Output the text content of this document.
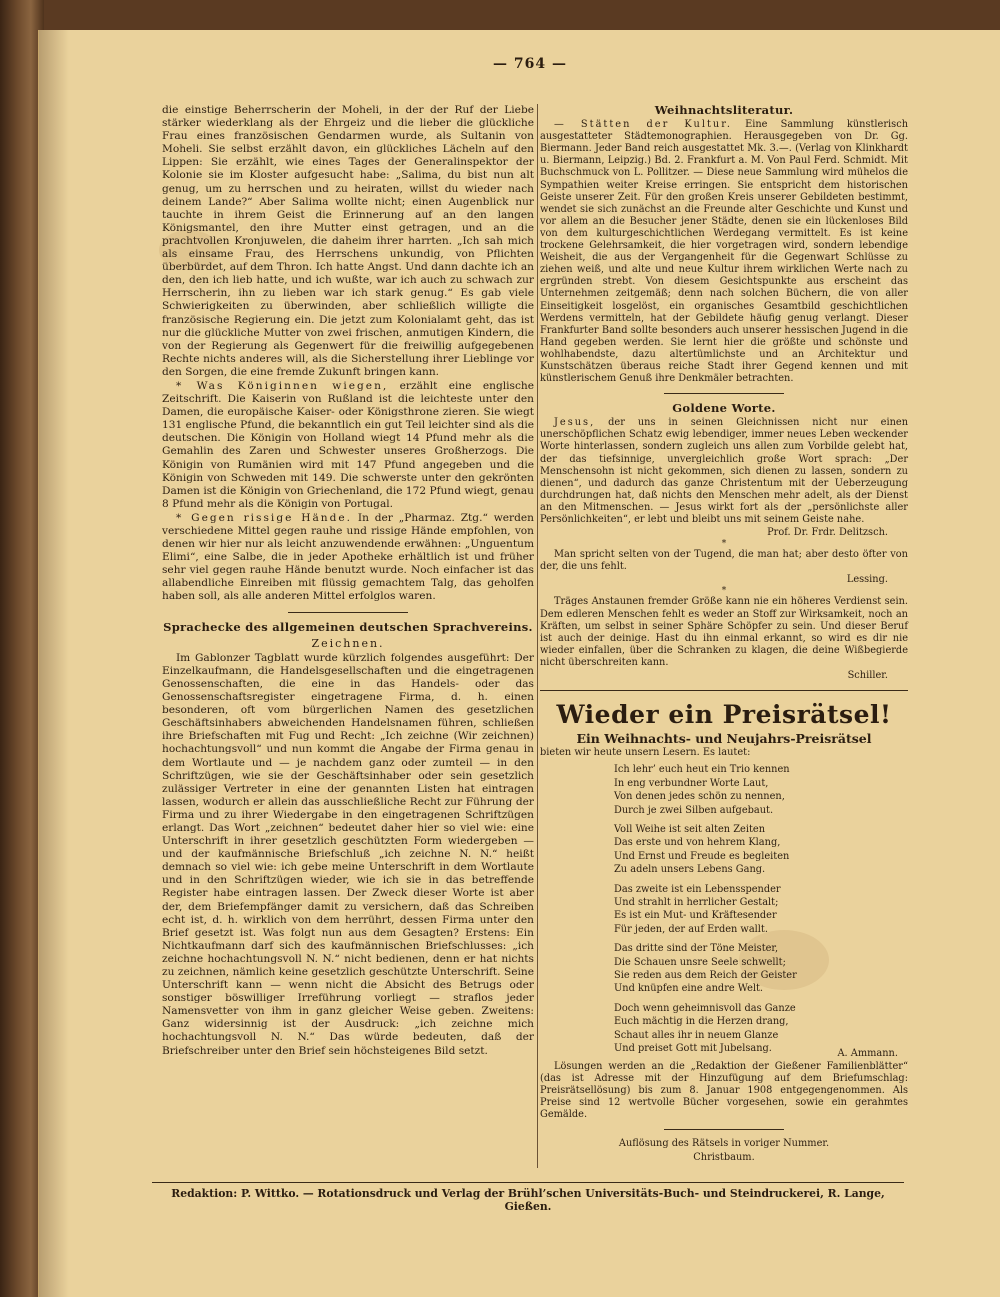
— 764 —

die einstige Beherrscherin der Moheli, in der der Ruf der Liebe stärker wiederklang als der Ehrgeiz und die lieber die glückliche Frau eines französischen Gendarmen wurde, als Sultanin von Moheli. Sie selbst erzählt davon, ein glückliches Lächeln auf den Lippen: Sie erzählt, wie eines Tages der Generalinspektor der Kolonie sie im Kloster aufgesucht habe: „Salima, du bist nun alt genug, um zu herrschen und zu heiraten, willst du wieder nach deinem Lande?“ Aber Salima wollte nicht; einen Augenblick nur tauchte in ihrem Geist die Erinnerung auf an den langen Königsmantel, den ihre Mutter einst getragen, und an die prachtvollen Kronjuwelen, die daheim ihrer harrten. „Ich sah mich als einsame Frau, des Herrschens unkundig, von Pflichten überbürdet, auf dem Thron. Ich hatte Angst. Und dann dachte ich an den, den ich lieb hatte, und ich wußte, war ich auch zu schwach zur Herrscherin, ihn zu lieben war ich stark genug.“ Es gab viele Schwierigkeiten zu überwinden, aber schließlich willigte die französische Regierung ein. Die jetzt zum Kolonialamt geht, das ist nur die glückliche Mutter von zwei frischen, anmutigen Kindern, die von der Regierung als Gegenwert für die freiwillig aufgegebenen Rechte nichts anderes will, als die Sicherstellung ihrer Lieblinge vor den Sorgen, die eine fremde Zukunft bringen kann.

* Was Königinnen wiegen, erzählt eine englische Zeitschrift. Die Kaiserin von Rußland ist die leichteste unter den Damen, die europäische Kaiser- oder Königsthrone zieren. Sie wiegt 131 englische Pfund, die bekanntlich ein gut Teil leichter sind als die deutschen. Die Königin von Holland wiegt 14 Pfund mehr als die Gemahlin des Zaren und Schwester unseres Großherzogs. Die Königin von Rumänien wird mit 147 Pfund angegeben und die Königin von Schweden mit 149. Die schwerste unter den gekrönten Damen ist die Königin von Griechenland, die 172 Pfund wiegt, genau 8 Pfund mehr als die Königin von Portugal.

* Gegen rissige Hände. In der „Pharmaz. Ztg.“ werden verschiedene Mittel gegen rauhe und rissige Hände empfohlen, von denen wir hier nur als leicht anzuwendende erwähnen: „Unguentum Elimi“, eine Salbe, die in jeder Apotheke erhältlich ist und früher sehr viel gegen rauhe Hände benutzt wurde. Noch einfacher ist das allabendliche Einreiben mit flüssig gemachtem Talg, das geholfen haben soll, als alle anderen Mittel erfolglos waren.

Sprachecke des allgemeinen deutschen Sprachvereins.
Zeichnen.

Im Gablonzer Tagblatt wurde kürzlich folgendes ausgeführt: Der Einzelkaufmann, die Handelsgesellschaften und die eingetragenen Genossenschaften, die eine in das Handels- oder das Genossenschaftsregister eingetragene Firma, d. h. einen besonderen, oft vom bürgerlichen Namen des gesetzlichen Geschäftsinhabers abweichenden Handelsnamen führen, schließen ihre Briefschaften mit Fug und Recht: „Ich zeichne (Wir zeichnen) hochachtungsvoll“ und nun kommt die Angabe der Firma genau in dem Wortlaute und — je nachdem ganz oder zumteil — in den Schriftzügen, wie sie der Geschäftsinhaber oder sein gesetzlich zulässiger Vertreter in eine der genannten Listen hat eintragen lassen, wodurch er allein das ausschließliche Recht zur Führung der Firma und zu ihrer Wiedergabe in den eingetragenen Schriftzügen erlangt. Das Wort „zeichnen“ bedeutet daher hier so viel wie: eine Unterschrift in ihrer gesetzlich geschützten Form wiedergeben — und der kaufmännische Briefschluß „ich zeichne N. N.“ heißt demnach so viel wie: ich gebe meine Unterschrift in dem Wortlaute und in den Schriftzügen wieder, wie ich sie in das betreffende Register habe eintragen lassen. Der Zweck dieser Worte ist aber der, dem Briefempfänger damit zu versichern, daß das Schreiben echt ist, d. h. wirklich von dem herrührt, dessen Firma unter den Brief gesetzt ist. Was folgt nun aus dem Gesagten? Erstens: Ein Nichtkaufmann darf sich des kaufmännischen Briefschlusses: „ich zeichne hochachtungsvoll N. N.“ nicht bedienen, denn er hat nichts zu zeichnen, nämlich keine gesetzlich geschützte Unterschrift. Seine Unterschrift kann — wenn nicht die Absicht des Betrugs oder sonstiger böswilliger Irreführung vorliegt — straflos jeder Namensvetter von ihm in ganz gleicher Weise geben. Zweitens: Ganz widersinnig ist der Ausdruck: „ich zeichne mich hochachtungsvoll N. N.“ Das würde bedeuten, daß der Briefschreiber unter den Brief sein höchsteigenes Bild setzt.

Weihnachtsliteratur.

— Stätten der Kultur. Eine Sammlung künstlerisch ausgestatteter Städtemonographien. Herausgegeben von Dr. Gg. Biermann. Jeder Band reich ausgestattet Mk. 3.—. (Verlag von Klinkhardt u. Biermann, Leipzig.) Bd. 2. Frankfurt a. M. Von Paul Ferd. Schmidt. Mit Buchschmuck von L. Pollitzer. — Diese neue Sammlung wird mühelos die Sympathien weiter Kreise erringen. Sie entspricht dem historischen Geiste unserer Zeit. Für den großen Kreis unserer Gebildeten bestimmt, wendet sie sich zunächst an die Freunde alter Geschichte und Kunst und vor allem an die Besucher jener Städte, denen sie ein lückenloses Bild von dem kulturgeschichtlichen Werdegang vermittelt. Es ist keine trockene Gelehrsamkeit, die hier vorgetragen wird, sondern lebendige Weisheit, die aus der Vergangenheit für die Gegenwart Schlüsse zu ziehen weiß, und alte und neue Kultur ihrem wirklichen Werte nach zu ergründen strebt. Von diesem Gesichtspunkte aus erscheint das Unternehmen zeitgemäß; denn nach solchen Büchern, die von aller Einseitigkeit losgelöst, ein organisches Gesamtbild geschichtlichen Werdens vermitteln, hat der Gebildete häufig genug verlangt. Dieser Frankfurter Band sollte besonders auch unserer hessischen Jugend in die Hand gegeben werden. Sie lernt hier die größte und schönste und wohlhabendste, dazu altertümlichste und an Architektur und Kunstschätzen überaus reiche Stadt ihrer Gegend kennen und mit künstlerischem Genuß ihre Denkmäler betrachten.

Goldene Worte.

Jesus, der uns in seinen Gleichnissen nicht nur einen unerschöpflichen Schatz ewig lebendiger, immer neues Leben weckender Worte hinterlassen, sondern zugleich uns allen zum Vorbilde gelebt hat, der das tiefsinnige, unvergleichlich große Wort sprach: „Der Menschensohn ist nicht gekommen, sich dienen zu lassen, sondern zu dienen“, und dadurch das ganze Christentum mit der Ueberzeugung durchdrungen hat, daß nichts den Menschen mehr adelt, als der Dienst an den Mitmenschen. — Jesus wirkt fort als der „persönlichste aller Persönlichkeiten“, er lebt und bleibt uns mit seinem Geiste nahe.

Prof. Dr. Frdr. Delitzsch.
*

Man spricht selten von der Tugend, die man hat; aber desto öfter von der, die uns fehlt.

Lessing.
*

Träges Anstaunen fremder Größe kann nie ein höheres Verdienst sein. Dem edleren Menschen fehlt es weder an Stoff zur Wirksamkeit, noch an Kräften, um selbst in seiner Sphäre Schöpfer zu sein. Und dieser Beruf ist auch der deinige. Hast du ihn einmal erkannt, so wird es dir nie wieder einfallen, über die Schranken zu klagen, die deine Wißbegierde nicht überschreiten kann.

Schiller.
Wieder ein Preisrätsel!
Ein Weihnachts- und Neujahrs-Preisrätsel

bieten wir heute unsern Lesern. Es lautet:

Ich lehr’ euch heut ein Trio kennen
In eng verbundner Worte Laut,
Von denen jedes schön zu nennen,
Durch je zwei Silben aufgebaut.
Voll Weihe ist seit alten Zeiten
Das erste und von hehrem Klang,
Und Ernst und Freude es begleiten
Zu adeln unsers Lebens Gang.
Das zweite ist ein Lebensspender
Und strahlt in herrlicher Gestalt;
Es ist ein Mut- und Kräftesender
Für jeden, der auf Erden wallt.
Das dritte sind der Töne Meister,
Die Schauen unsre Seele schwellt;
Sie reden aus dem Reich der Geister
Und knüpfen eine andre Welt.
Doch wenn geheimnisvoll das Ganze
Euch mächtig in die Herzen drang,
Schaut alles ihr in neuem Glanze
Und preiset Gott mit Jubelsang.	A. Ammann.

Lösungen werden an die „Redaktion der Gießener Familienblätter“ (das ist Adresse mit der Hinzufügung auf dem Briefumschlag: Preisrätsellösung) bis zum 8. Januar 1908 entgegengenommen. Als Preise sind 12 wertvolle Bücher vorgesehen, sowie ein gerahmtes Gemälde.

Auflösung des Rätsels in voriger Nummer.
Christbaum.
Redaktion: P. Wittko. — Rotationsdruck und Verlag der Brühl’schen Universitäts-Buch- und Steindruckerei, R. Lange, Gießen.
